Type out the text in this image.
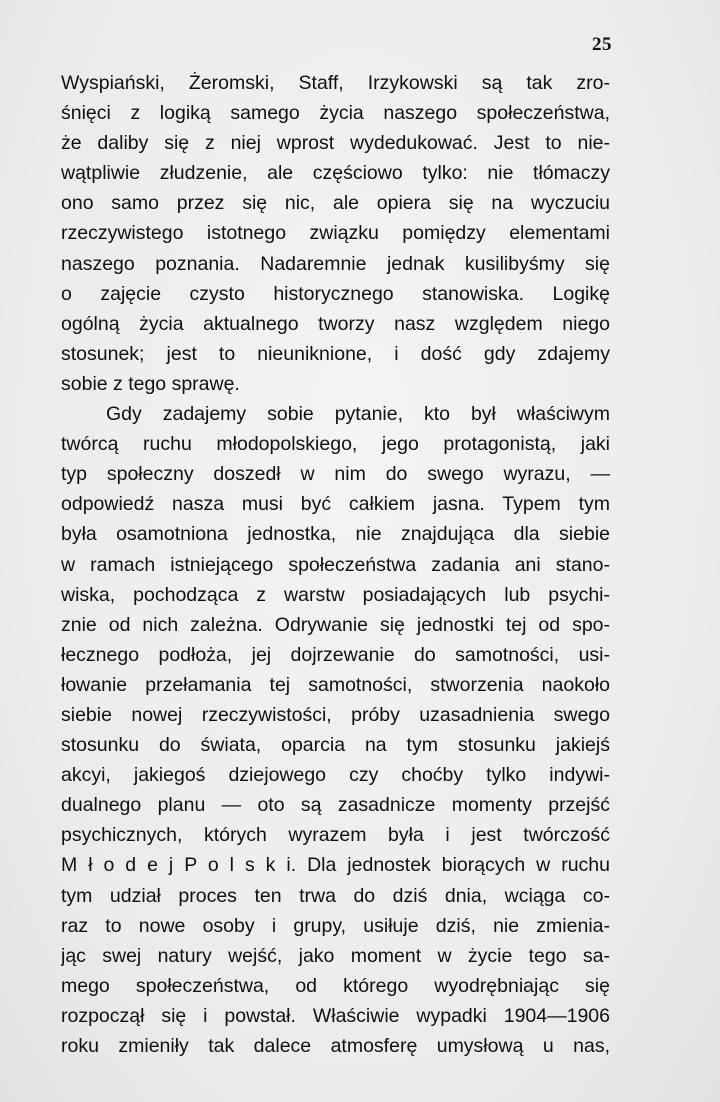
25
Wyspiański, Żeromski, Staff, Irzykowski są tak zro-
śnięci z logiką samego życia naszego społeczeństwa,
że daliby się z niej wprost wydedukować. Jest to nie-
wątpliwie złudzenie, ale częściowo tylko: nie tłómaczy
ono samo przez się nic, ale opiera się na wyczuciu
rzeczywistego istotnego związku pomiędzy elementami
naszego poznania. Nadaremnie jednak kusilibyśmy się
o zajęcie czysto historycznego stanowiska. Logikę
ogólną życia aktualnego tworzy nasz względem niego
stosunek; jest to nieuniknione, i dość gdy zdajemy
sobie z tego sprawę.
Gdy zadajemy sobie pytanie, kto był właściwym
twórcą ruchu młodopolskiego, jego protagonistą, jaki
typ społeczny doszedł w nim do swego wyrazu, —
odpowiedź nasza musi być całkiem jasna. Typem tym
była osamotniona jednostka, nie znajdująca dla siebie
w ramach istniejącego społeczeństwa zadania ani stano-
wiska, pochodząca z warstw posiadających lub psychi-
znie od nich zależna. Odrywanie się jednostki tej od spo-
łecznego podłoża, jej dojrzewanie do samotności, usi-
łowanie przełamania tej samotności, stworzenia naokoło
siebie nowej rzeczywistości, próby uzasadnienia swego
stosunku do świata, oparcia na tym stosunku jakiejś
akcyi, jakiegoś dziejowego czy choćby tylko indywi-
dualnego planu — oto są zasadnicze momenty przejść
psychicznych, których wyrazem była i jest twórczość
M ł o d e j P o l s k i. Dla jednostek biorących w ruchu
tym udział proces ten trwa do dziś dnia, wciąga co-
raz to nowe osoby i grupy, usiłuje dziś, nie zmienia-
jąc swej natury wejść, jako moment w życie tego sa-
mego społeczeństwa, od którego wyodrębniając się
rozpoczął się i powstał. Właściwie wypadki 1904—1906
roku zmieniły tak dalece atmosferę umysłową u nas,
